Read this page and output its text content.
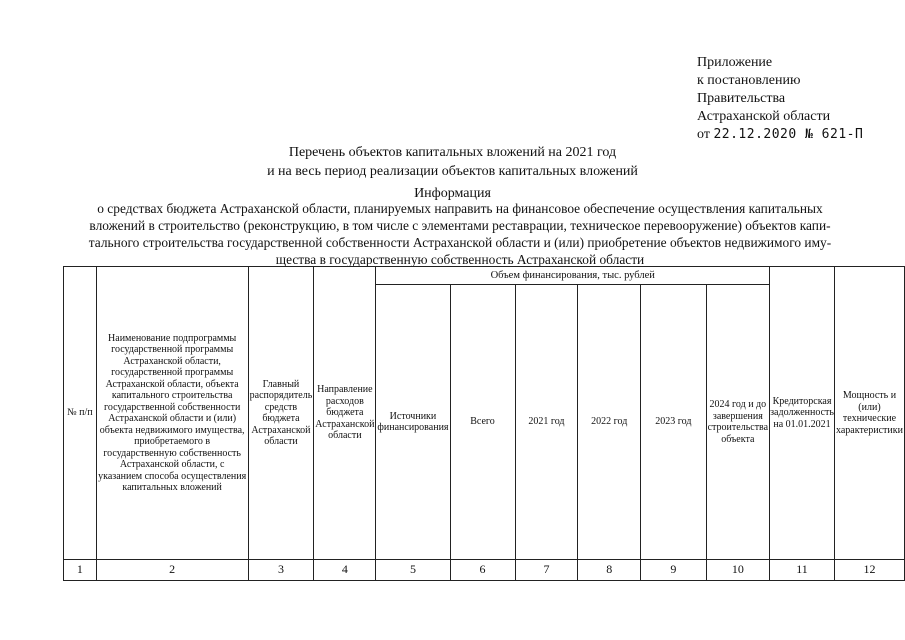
Приложение
к постановлению
Правительства
Астраханской области
от 22.12.2020 № 621-П
Перечень объектов капитальных вложений на 2021 год
и на весь период реализации объектов капитальных вложений
Информация
о средствах бюджета Астраханской области, планируемых направить на финансовое обеспечение осуществления капитальных
вложений в строительство (реконструкцию, в том числе с элементами реставрации, техническое перевооружение) объектов капи-
тального строительства государственной собственности Астраханской области и (или) приобретение объектов недвижимого иму-
щества в государственную собственность Астраханской области
№ п/п	Наименование подпрограммы государственной программы Астраханской области, государственной программы Астраханской области, объекта капитального строительства государственной собственности Астраханской области и (или) объекта недвижимого имущества, приобретаемого в государственную собственность Астраханской области, с указанием способа осуществления капитальных вложений	Главный распорядитель средств бюджета Астраханской области	Направление расходов бюджета Астраханской области	Объем финансирования, тыс. рублей						Кредиторская задолженность на 01.01.2021	Мощность и (или) технические характеристики
				Источники финансирования	Всего	2021 год	2022 год	2023 год	2024 год и до завершения строительства объекта		
1	2	3	4	5	6	7	8	9	10	11	12
